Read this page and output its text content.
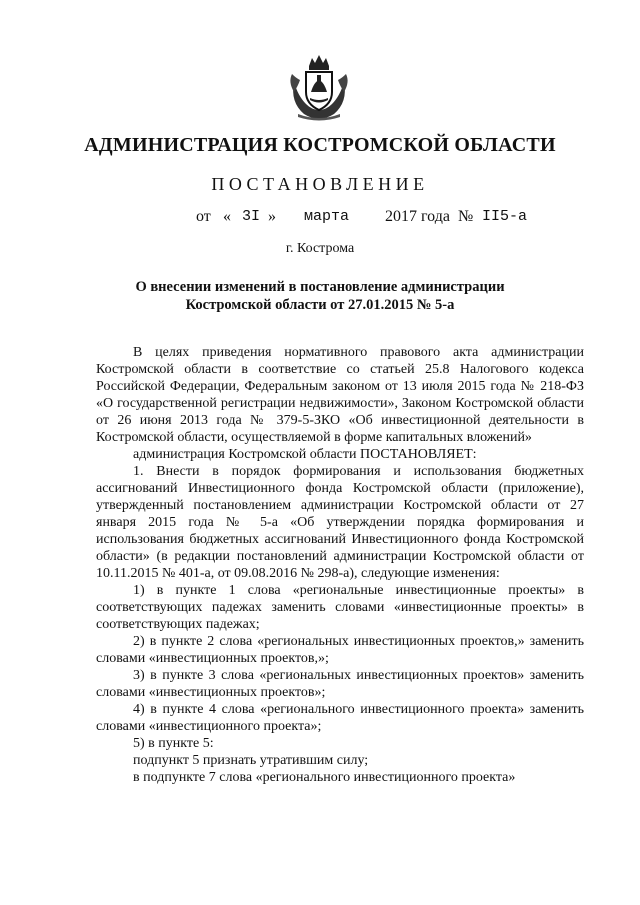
АДМИНИСТРАЦИЯ КОСТРОМСКОЙ ОБЛАСТИ
ПОСТАНОВЛЕНИЕ
от « 3I » марта 2017 года № II5-а
г. Кострома
О внесении изменений в постановление администрации
Костромской области от 27.01.2015 № 5-а

В целях приведения нормативного правового акта администрации Костромской области в соответствие со статьей 25.8 Налогового кодекса Российской Федерации, Федеральным законом от 13 июля 2015 года № 218-ФЗ «О государственной регистрации недвижимости», Законом Костромской области от 26 июня 2013 года № 379-5-ЗКО «Об инвестиционной деятельности в Костромской области, осуществляемой в форме капитальных вложений»

администрация Костромской области ПОСТАНОВЛЯЕТ:

1. Внести в порядок формирования и использования бюджетных ассигнований Инвестиционного фонда Костромской области (приложение), утвержденный постановлением администрации Костромской области от 27 января 2015 года № 5-а «Об утверждении порядка формирования и использования бюджетных ассигнований Инвестиционного фонда Костромской области» (в редакции постановлений администрации Костромской области от 10.11.2015 № 401-а, от 09.08.2016 № 298-а), следующие изменения:

1) в пункте 1 слова «региональные инвестиционные проекты» в соответствующих падежах заменить словами «инвестиционные проекты» в соответствующих падежах;

2) в пункте 2 слова «региональных инвестиционных проектов,» заменить словами «инвестиционных проектов,»;

3) в пункте 3 слова «региональных инвестиционных проектов» заменить словами «инвестиционных проектов»;

4) в пункте 4 слова «регионального инвестиционного проекта» заменить словами «инвестиционного проекта»;

5) в пункте 5:

подпункт 5 признать утратившим силу;

в подпункте 7 слова «регионального инвестиционного проекта»
